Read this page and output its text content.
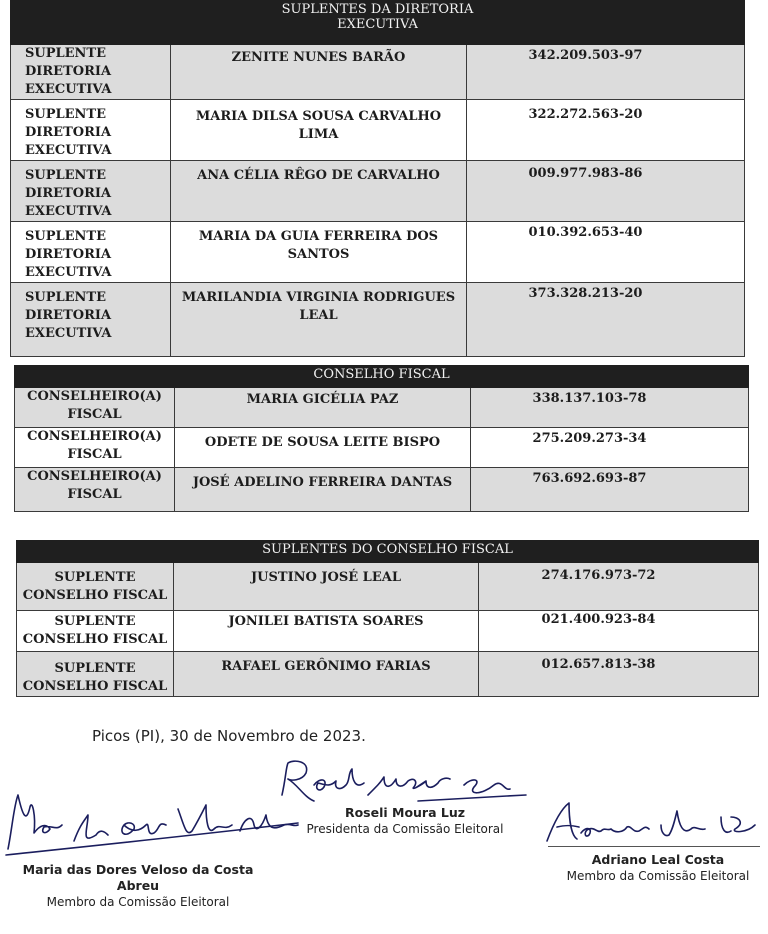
SUPLENTES DA DIRETORIA EXECUTIVA		

SUPLENTE DIRETORIA EXECUTIVA	ZENITE NUNES BARÃO	342.209.503-97
SUPLENTE DIRETORIA EXECUTIVA	MARIA DILSA SOUSA CARVALHO LIMA	322.272.563-20
SUPLENTE DIRETORIA EXECUTIVA	ANA CÉLIA RÊGO DE CARVALHO	009.977.983-86
SUPLENTE DIRETORIA EXECUTIVA	MARIA DA GUIA FERREIRA DOS SANTOS	010.392.653-40
SUPLENTE DIRETORIA EXECUTIVA	MARILANDIA VIRGINIA RODRIGUES LEAL	373.328.213-20
CONSELHO FISCAL		
CONSELHEIRO(A) FISCAL	MARIA GICÉLIA PAZ	338.137.103-78
CONSELHEIRO(A) FISCAL	ODETE DE SOUSA LEITE BISPO	275.209.273-34
CONSELHEIRO(A) FISCAL	JOSÉ ADELINO FERREIRA DANTAS	763.692.693-87
SUPLENTES DO CONSELHO FISCAL		
SUPLENTE CONSELHO FISCAL	JUSTINO JOSÉ LEAL	274.176.973-72
SUPLENTE CONSELHO FISCAL	JONILEI BATISTA SOARES	021.400.923-84
SUPLENTE CONSELHO FISCAL	RAFAEL GERÔNIMO FARIAS	012.657.813-38
Picos (PI), 30 de Novembro de 2023.
Roseli Moura Luz
Presidenta da Comissão Eleitoral
Maria das Dores Veloso da Costa Abreu
Membro da Comissão Eleitoral
Adriano Leal Costa
Membro da Comissão Eleitoral
